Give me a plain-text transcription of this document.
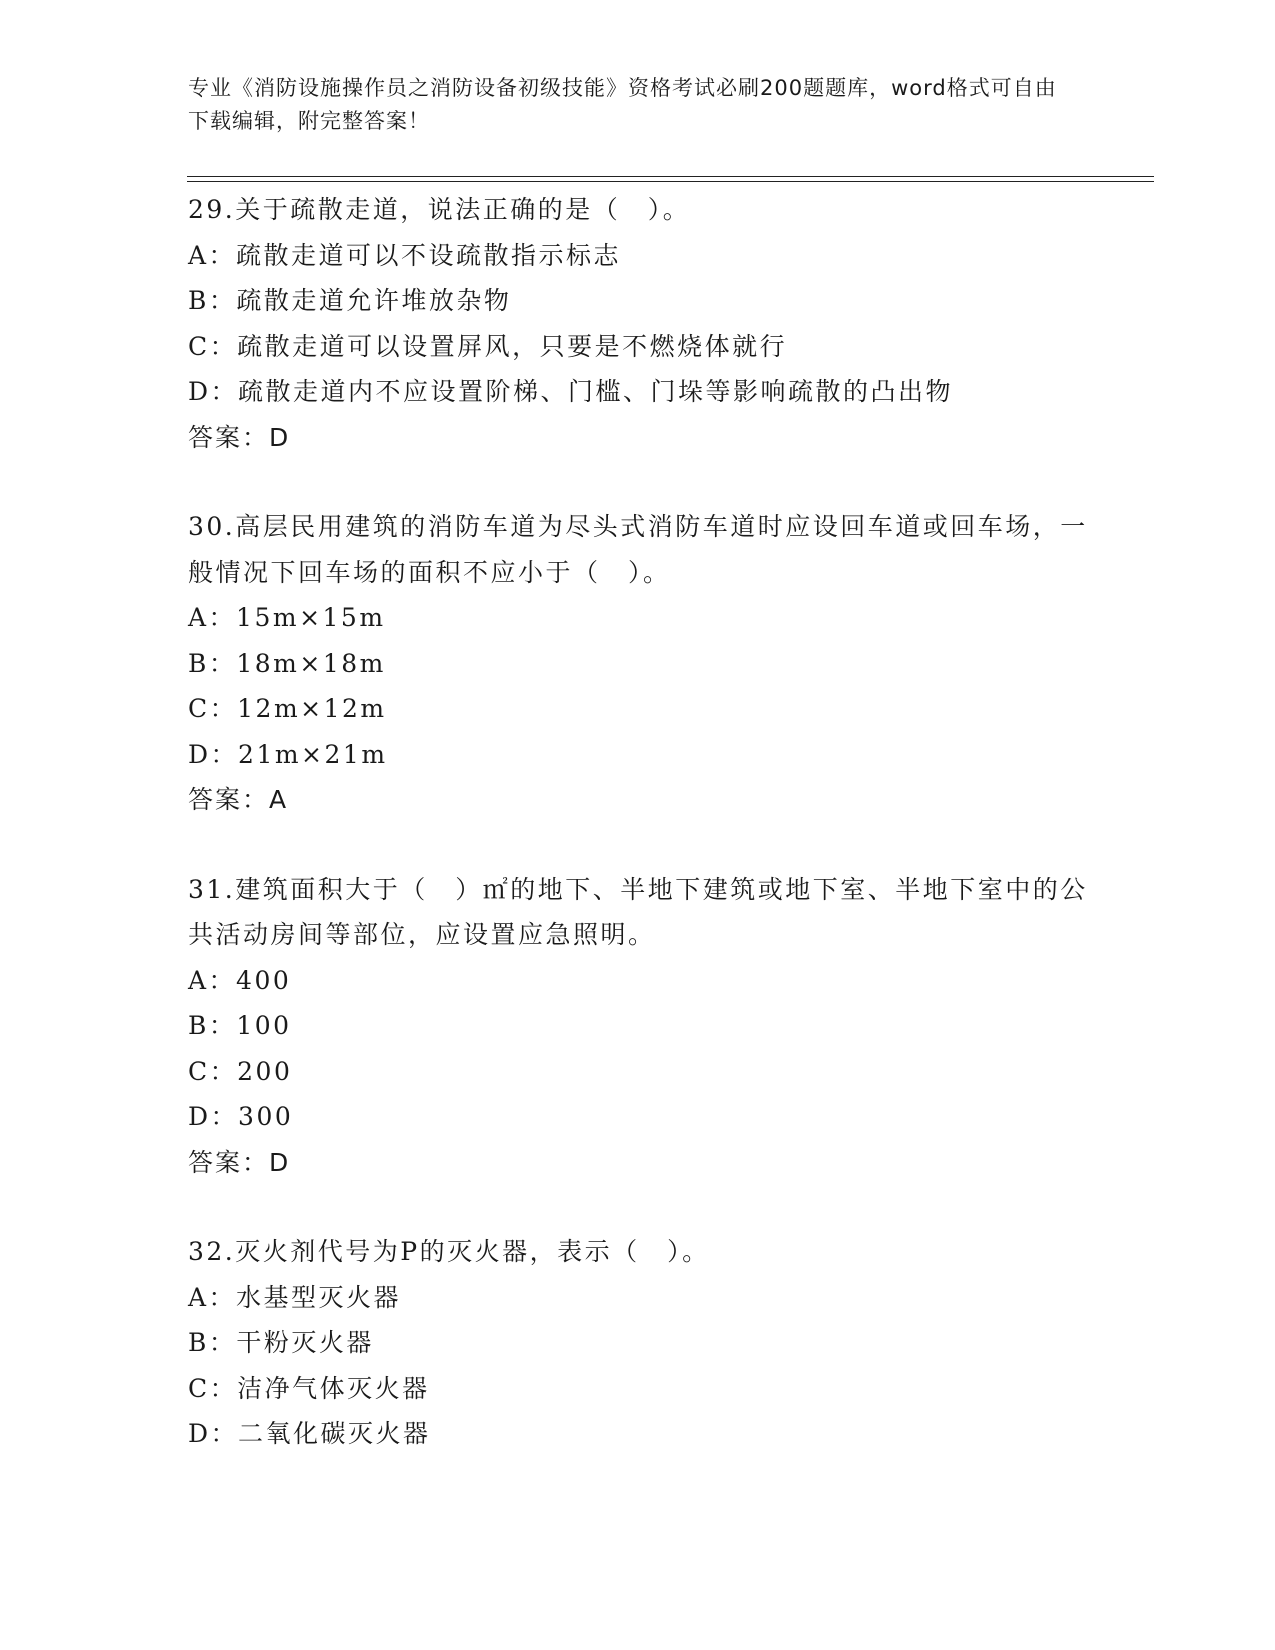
专业《消防设施操作员之消防设备初级技能》资格考试必刷200题题库，word格式可自由下载编辑，附完整答案！
29.关于疏散走道，说法正确的是（　）。
A：疏散走道可以不设疏散指示标志
B：疏散走道允许堆放杂物
C：疏散走道可以设置屏风，只要是不燃烧体就行
D：疏散走道内不应设置阶梯、门槛、门垛等影响疏散的凸出物
答案：D
30.高层民用建筑的消防车道为尽头式消防车道时应设回车道或回车场，一般情况下回车场的面积不应小于（　）。
A：15m×15m
B：18m×18m
C：12m×12m
D：21m×21m
答案：A
31.建筑面积大于（　）㎡的地下、半地下建筑或地下室、半地下室中的公共活动房间等部位，应设置应急照明。
A：400
B：100
C：200
D：300
答案：D
32.灭火剂代号为P的灭火器，表示（　）。
A：水基型灭火器
B：干粉灭火器
C：洁净气体灭火器
D：二氧化碳灭火器
